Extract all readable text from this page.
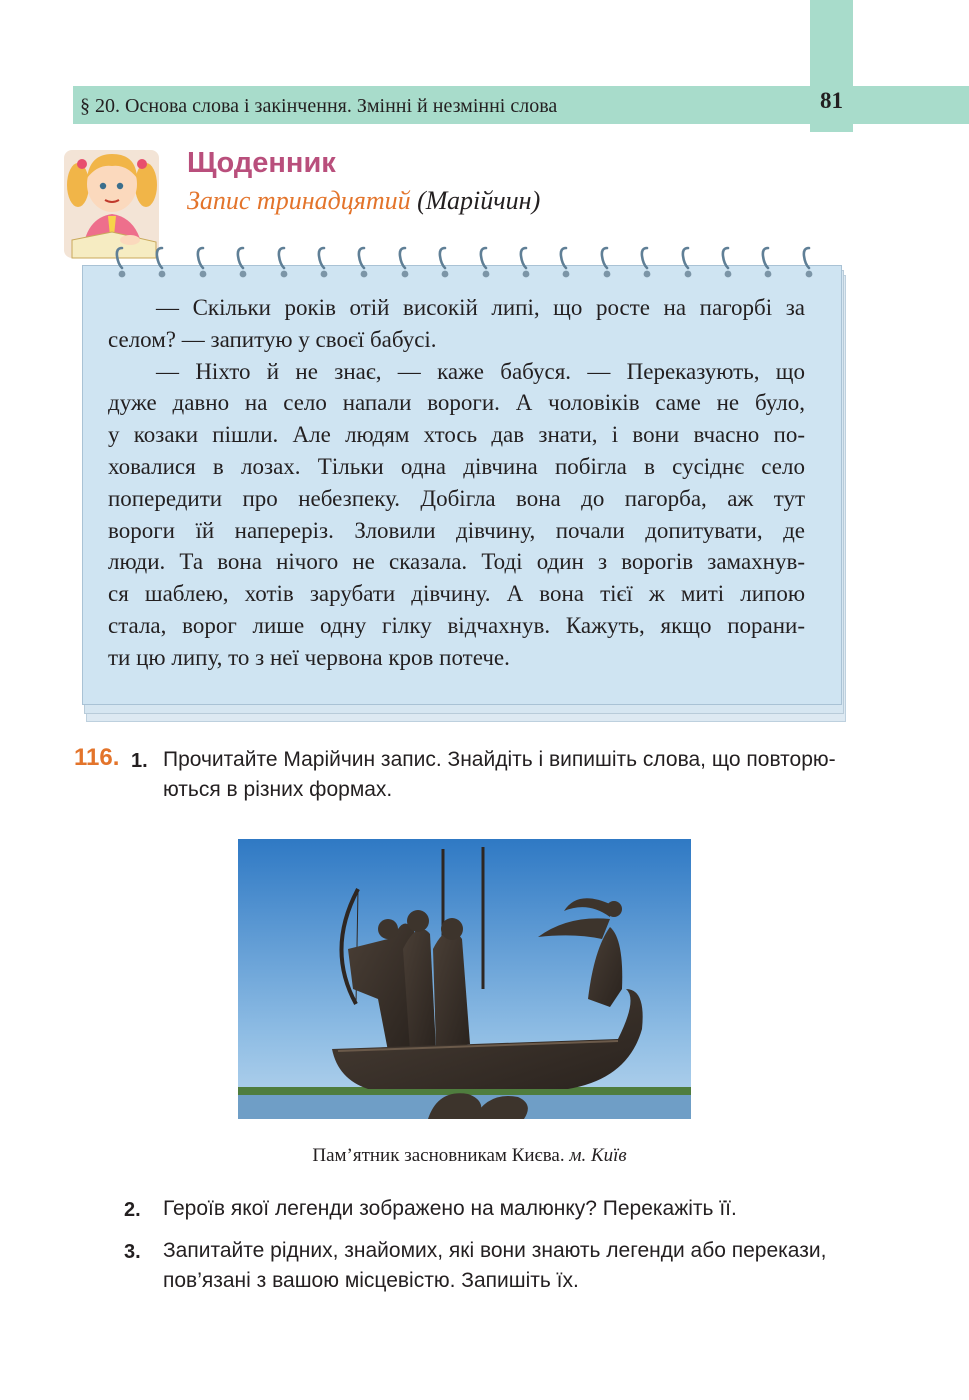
§ 20. Основа слова і закінчення. Змінні й незмінні слова	81
Щоденник
Запис тринадцятий (Марійчин)
— Скільки років отій високій липі, що росте на пагорбі за
селом? — запитую у своєї бабусі.
— Ніхто й не знає, — каже бабуся. — Переказують, що
дуже давно на село напали вороги. А чоловіків саме не було,
у козаки пішли. Але людям хтось дав знати, і вони вчасно по-
ховалися в лозах. Тільки одна дівчина побігла в сусіднє село
попередити про небезпеку. Добігла вона до пагорба, аж тут
вороги їй наперерiз. Зловили дівчину, почали допитувати, де
люди. Та вона нічого не сказала. Тоді один з ворогів замахнув-
ся шаблею, хотів зарубати дівчину. А вона тієї ж миті липою
стала, ворог лише одну гілку відчахнув. Кажуть, якщо порани-
ти цю липу, то з неї червона кров потече.
116. 1. Прочитайте Марійчин запис. Знайдіть і випишіть слова, що повторю-
ються в різних формах.
Пам’ятник засновникам Києва. м. Київ
2. Героїв якої легенди зображено на малюнку? Перекажіть її.
3. Запитайте рідних, знайомих, які вони знають легенди або перекази, пов’язані з вашою місцевістю. Запишіть їх.
